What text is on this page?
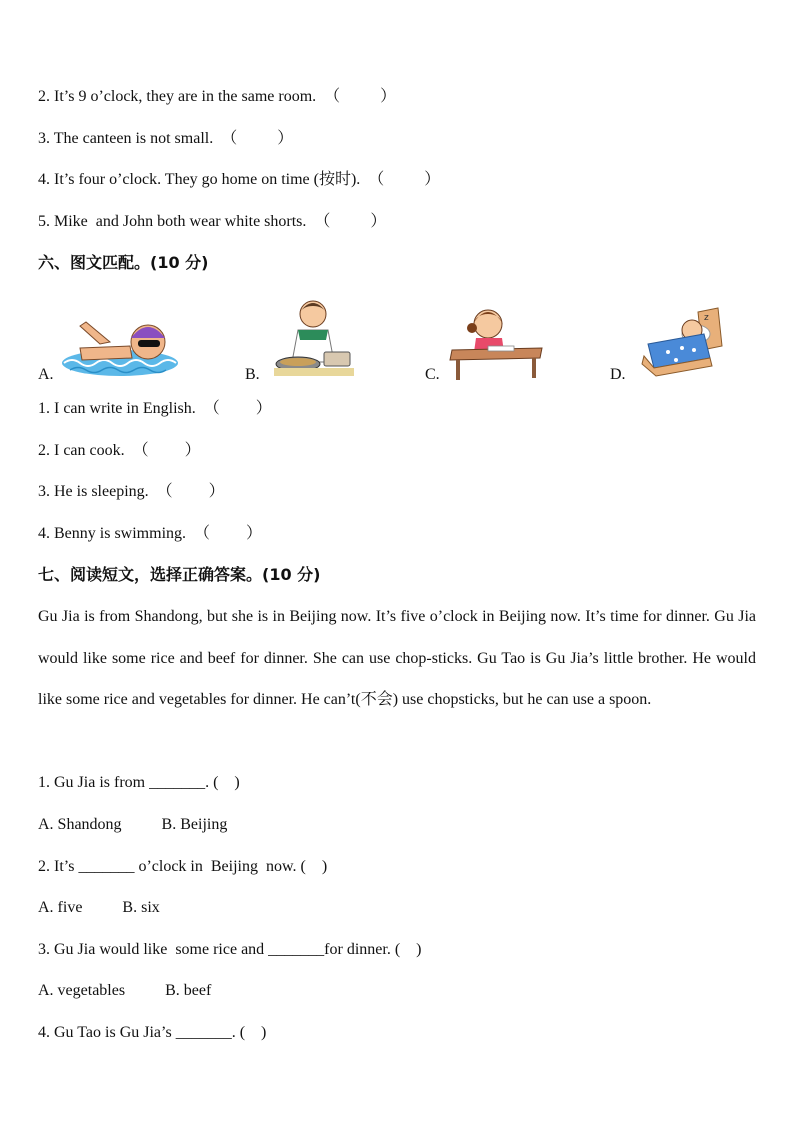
2. It’s 9 o’clock, they are in the same room.  （          ）
3. The canteen is not small.  （          ）
4. It’s four o’clock. They go home on time (按时).  （          ）
5. Mike  and John both wear white shorts.  （          ）
六、图文匹配。(10 分)
A.	B.	C.
z
D.
1. I can write in English.  （         ）
2. I can cook.  （         ）
3. He is sleeping.  （         ）
4. Benny is swimming.  （         ）
七、阅读短文，选择正确答案。(10 分)
Gu Jia is from Shandong, but she is in Beijing now. It’s five o’clock in Beijing now. It’s time for dinner. Gu Jia would like some rice and beef for dinner. She can use chop-sticks. Gu Tao is Gu Jia’s little brother. He would like some rice and vegetables for dinner. He can’t(不会) use chopsticks, but he can use a spoon.
1. Gu Jia is from _______. (    )
A. Shandong          B. Beijing
2. It’s _______ o’clock in  Beijing  now. (    )
A. five          B. six
3. Gu Jia would like  some rice and _______for dinner. (    )
A. vegetables          B. beef
4. Gu Tao is Gu Jia’s _______. (    )
